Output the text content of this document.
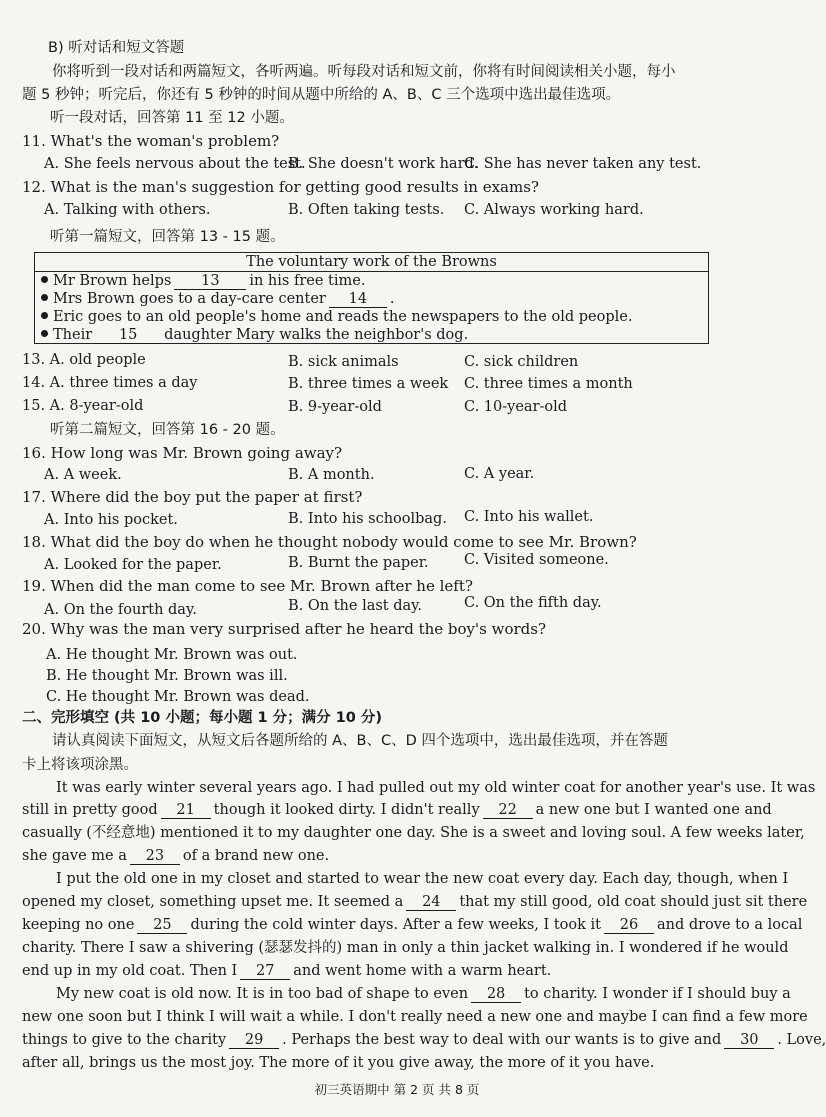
B) 听对话和短文答题
你将听到一段对话和两篇短文，各听两遍。听每段对话和短文前，你将有时间阅读相关小题，每小
题 5 秒钟；听完后，你还有 5 秒钟的时间从题中所给的 A、B、C 三个选项中选出最佳选项。
听一段对话，回答第 11 至 12 小题。
11. What's the woman's problem?
A. She feels nervous about the test.
B. She doesn't work hard.
C. She has never taken any test.
12. What is the man's suggestion for getting good results in exams?
A. Talking with others.	B. Often taking tests. C. Always working hard.
听第一篇短文，回答第 13 - 15 题。
The voluntary work of the Browns
Mr Brown helps 13 in his free time.
Mrs Brown goes to a day-care center 14 .
Eric goes to an old people's home and reads the newspapers to the old people.
Their 15 daughter Mary walks the neighbor's dog.
13. A. old people	B. sick animals	C. sick children
14. A. three times a day	B. three times a week C. three times a month
15. A. 8-year-old	B. 9-year-old	C. 10-year-old
听第二篇短文，回答第 16 - 20 题。
16. How long was Mr. Brown going away?
A. A week.	B. A month.	C. A year.
17. Where did the boy put the paper at first?
A. Into his pocket.	B. Into his schoolbag. C. Into his wallet.
18. What did the boy do when he thought nobody would come to see Mr. Brown?
A. Looked for the paper.	B. Burnt the paper. C. Visited someone.
19. When did the man come to see Mr. Brown after he left?
A. On the fourth day.	B. On the last day.	C. On the fifth day.
20. Why was the man very surprised after he heard the boy's words?
A. He thought Mr. Brown was out.
B. He thought Mr. Brown was ill.
C. He thought Mr. Brown was dead.
二、完形填空 (共 10 小题；每小题 1 分；满分 10 分)
请认真阅读下面短文，从短文后各题所给的 A、B、C、D 四个选项中，选出最佳选项，并在答题
卡上将该项涂黑。
It was early winter several years ago. I had pulled out my old winter coat for another year's use. It was
still in pretty good 21 though it looked dirty. I didn't really 22 a new one but I wanted one and
casually (不经意地) mentioned it to my daughter one day. She is a sweet and loving soul. A few weeks later,
she gave me a 23 of a brand new one.
I put the old one in my closet and started to wear the new coat every day. Each day, though, when I
opened my closet, something upset me. It seemed a 24 that my still good, old coat should just sit there
keeping no one 25 during the cold winter days. After a few weeks, I took it 26 and drove to a local
charity. There I saw a shivering (瑟瑟发抖的) man in only a thin jacket walking in. I wondered if he would
end up in my old coat. Then I 27 and went home with a warm heart.
My new coat is old now. It is in too bad of shape to even 28 to charity. I wonder if I should buy a
new one soon but I think I will wait a while. I don't really need a new one and maybe I can find a few more
things to give to the charity 29 . Perhaps the best way to deal with our wants is to give and 30 . Love,
after all, brings us the most joy. The more of it you give away, the more of it you have.
初三英语期中 第 2 页 共 8 页
